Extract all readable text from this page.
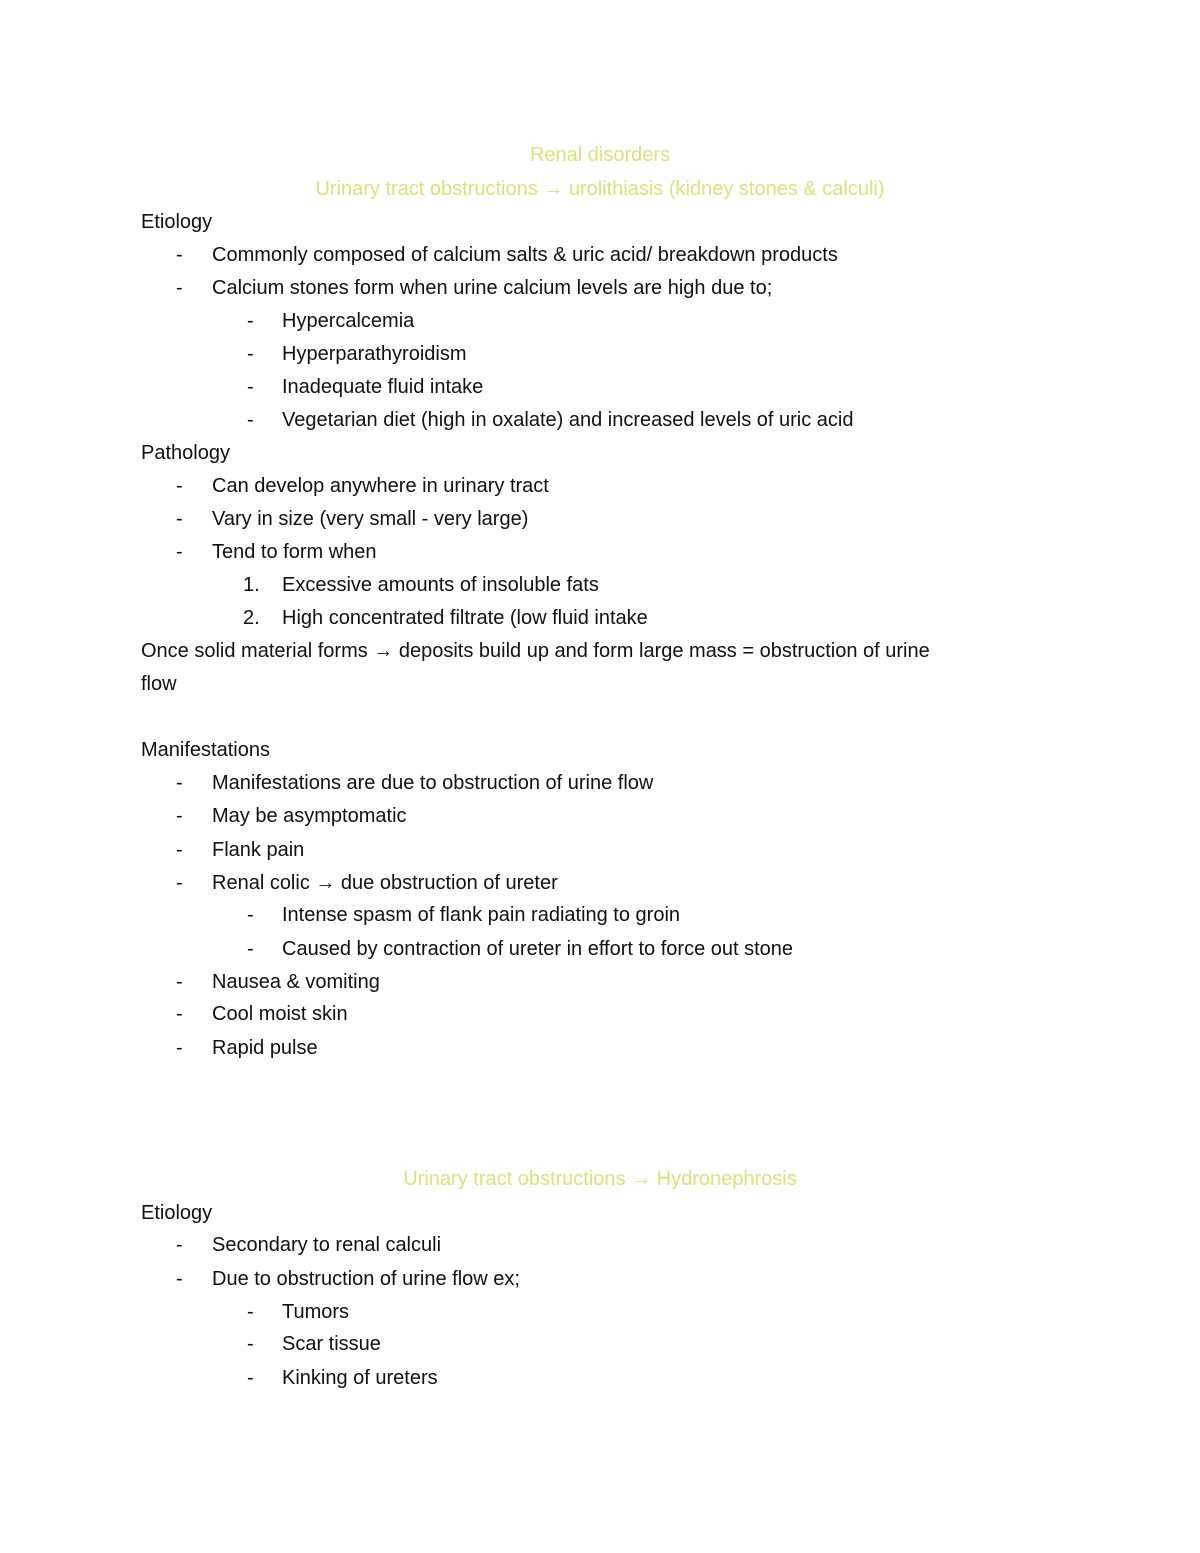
Renal disorders
Urinary tract obstructions → urolithiasis (kidney stones & calculi)
Etiology
- Commonly composed of calcium salts & uric acid/ breakdown products
- Calcium stones form when urine calcium levels are high due to;
- Hypercalcemia
- Hyperparathyroidism
- Inadequate fluid intake
- Vegetarian diet (high in oxalate) and increased levels of uric acid
Pathology
- Can develop anywhere in urinary tract
- Vary in size (very small - very large)
- Tend to form when
1. Excessive amounts of insoluble fats
2. High concentrated filtrate (low fluid intake
Once solid material forms → deposits build up and form large mass = obstruction of urine
flow
Manifestations
- Manifestations are due to obstruction of urine flow
- May be asymptomatic
- Flank pain
- Renal colic → due obstruction of ureter
- Intense spasm of flank pain radiating to groin
- Caused by contraction of ureter in effort to force out stone
- Nausea & vomiting
- Cool moist skin
- Rapid pulse
Urinary tract obstructions → Hydronephrosis
Etiology
- Secondary to renal calculi
- Due to obstruction of urine flow ex;
- Tumors
- Scar tissue
- Kinking of ureters
